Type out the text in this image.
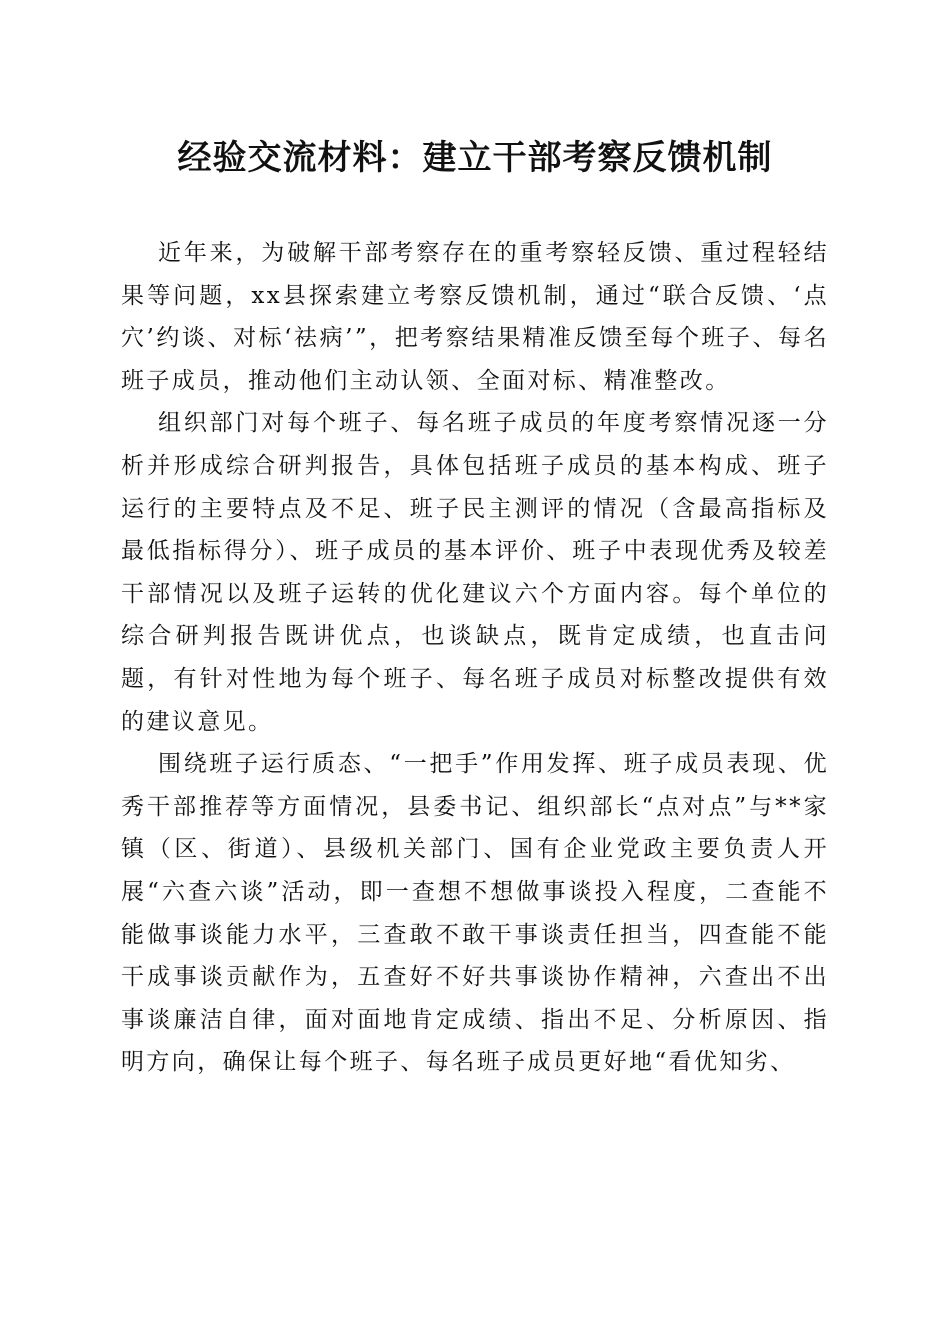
经验交流材料：建立干部考察反馈机制

近年来，为破解干部考察存在的重考察轻反馈、重过程轻结果等问题，xx县探索建立考察反馈机制，通过“联合反馈、‘点穴’约谈、对标‘祛病’”，把考察结果精准反馈至每个班子、每名班子成员，推动他们主动认领、全面对标、精准整改。

组织部门对每个班子、每名班子成员的年度考察情况逐一分析并形成综合研判报告，具体包括班子成员的基本构成、班子运行的主要特点及不足、班子民主测评的情况（含最高指标及最低指标得分）、班子成员的基本评价、班子中表现优秀及较差干部情况以及班子运转的优化建议六个方面内容。每个单位的综合研判报告既讲优点，也谈缺点，既肯定成绩，也直击问题，有针对性地为每个班子、每名班子成员对标整改提供有效的建议意见。

围绕班子运行质态、“一把手”作用发挥、班子成员表现、优秀干部推荐等方面情况，县委书记、组织部长“点对点”与**家镇（区、街道）、县级机关部门、国有企业党政主要负责人开展“六查六谈”活动，即一查想不想做事谈投入程度，二查能不能做事谈能力水平，三查敢不敢干事谈责任担当，四查能不能干成事谈贡献作为，五查好不好共事谈协作精神，六查出不出事谈廉洁自律，面对面地肯定成绩、指出不足、分析原因、指明方向，确保让每个班子、每名班子成员更好地“看优知劣、
